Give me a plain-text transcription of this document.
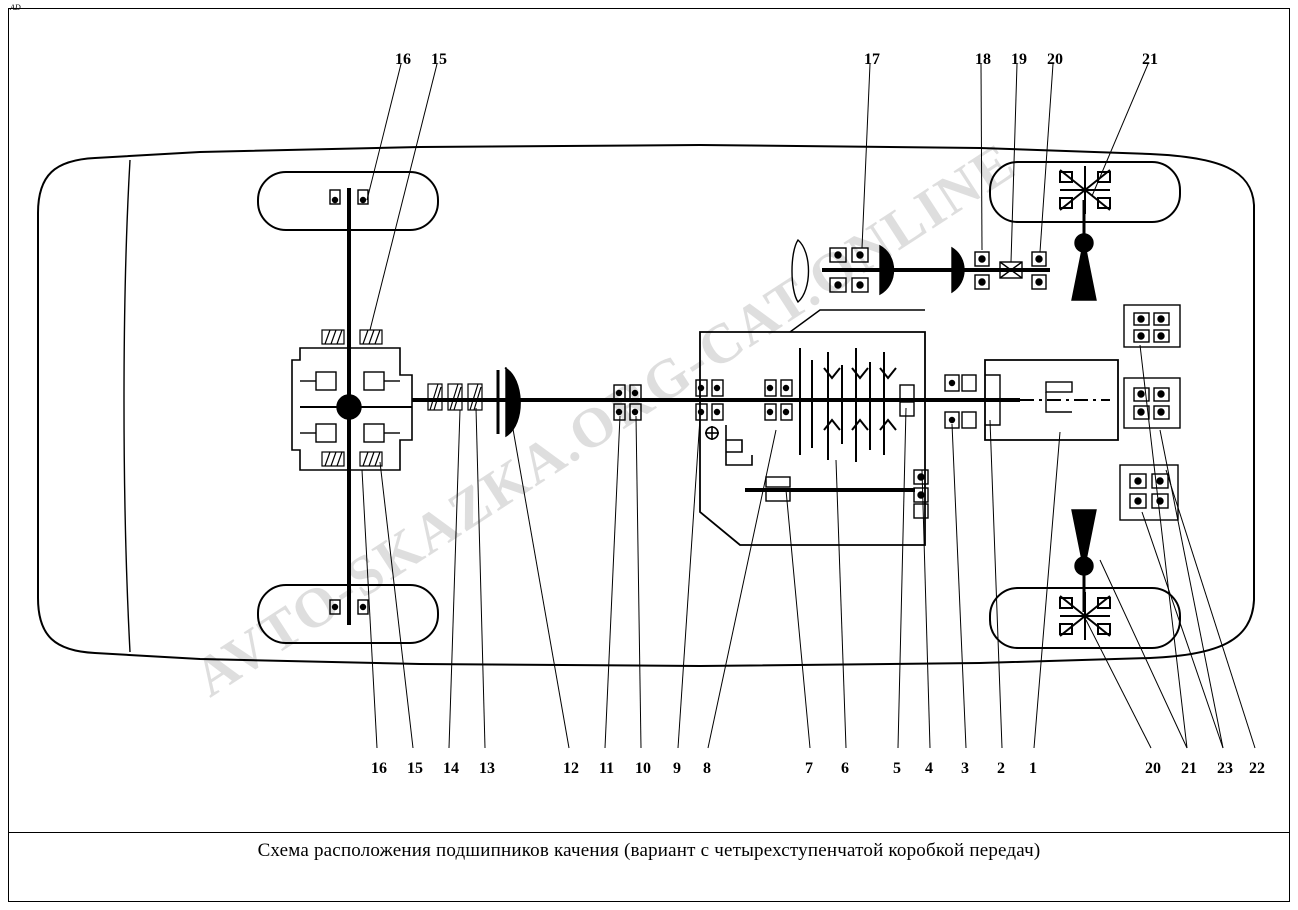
AD
AVTO-SKAZKA.ORG-CAT.ONLINE
16 15	17	18 19 20	21
16 15 14 13	12 11 10 9 8	7 6	5 4 3 2 1	20 21 23 22
Схема расположения подшипников качения (вариант с четырехступенчатой коробкой передач)
